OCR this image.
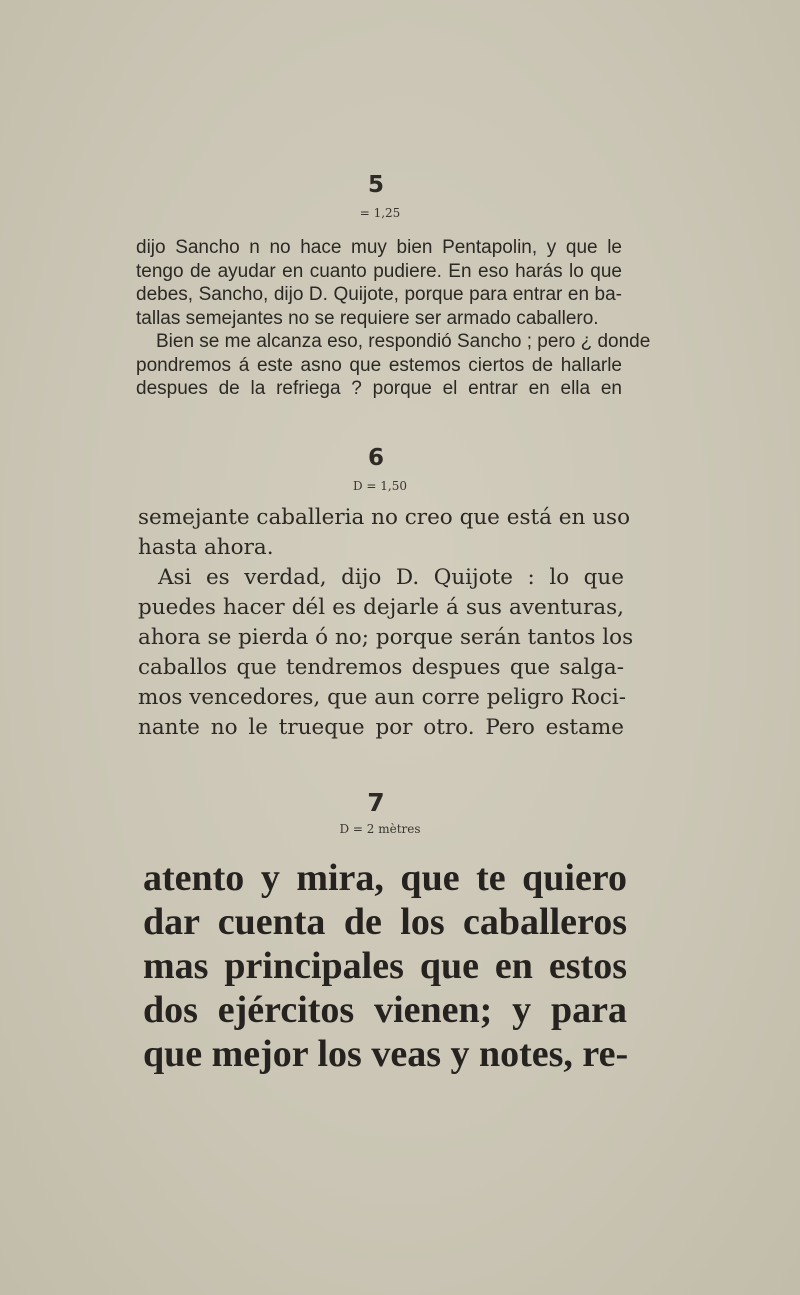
5
= 1,25
dijo Sancho n no hace muy bien Pentapolin, y que le
tengo de ayudar en cuanto pudiere. En eso harás lo que
debes, Sancho, dijo D. Quijote, porque para entrar en ba-
tallas semejantes no se requiere ser armado caballero.
Bien se me alcanza eso, respondió Sancho ; pero ¿ donde
pondremos á este asno que estemos ciertos de hallarle
despues de la refriega ? porque el entrar en ella en
6
D = 1,50
semejante caballeria no creo que está en uso
hasta ahora.
Asi es verdad, dijo D. Quijote : lo que
puedes hacer dél es dejarle á sus aventuras,
ahora se pierda ó no; porque serán tantos los
caballos que tendremos despues que salga-
mos vencedores, que aun corre peligro Roci-
nante no le trueque por otro. Pero estame
7
D = 2 mètres
atento y mira, que te quiero
dar cuenta de los caballeros
mas principales que en estos
dos ejércitos vienen; y para
que mejor los veas y notes, re-
